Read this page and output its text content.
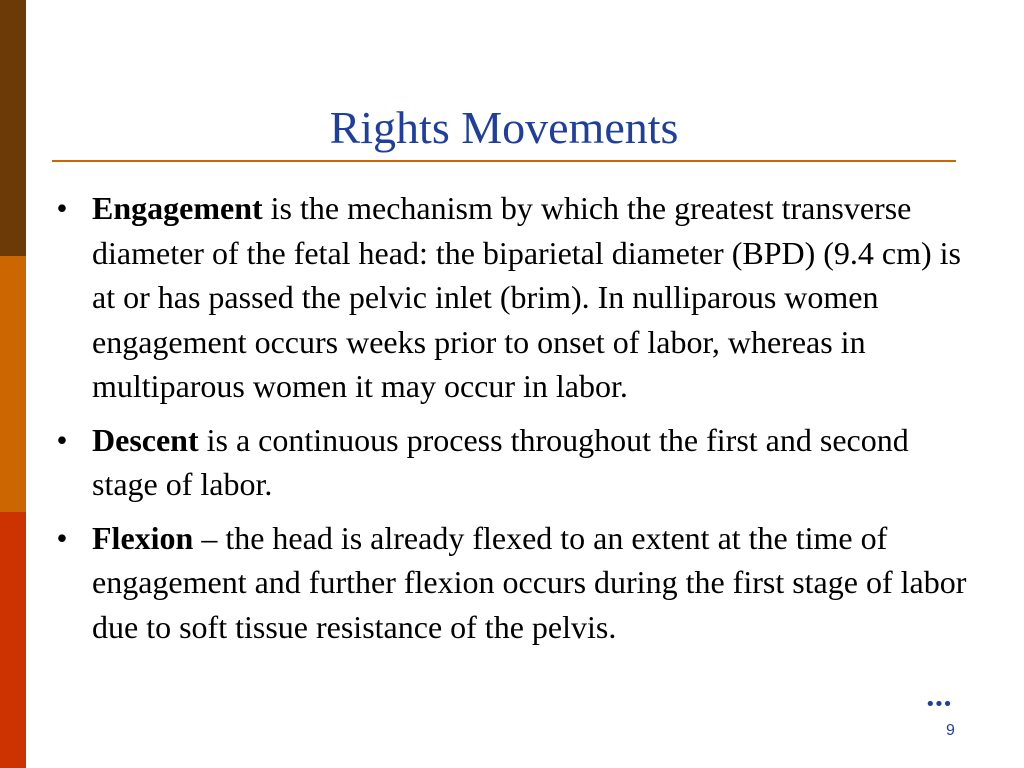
Rights Movements
• Engagement is the mechanism by which the greatest transverse diameter of the fetal head: the biparietal diameter (BPD) (9.4 cm) is at or has passed the pelvic inlet (brim). In nulliparous women engagement occurs weeks prior to onset of labor, whereas in multiparous women it may occur in labor.
• Descent is a continuous process throughout the first and second stage of labor.
• Flexion – the head is already flexed to an extent at the time of engagement and further flexion occurs during the first stage of labor due to soft tissue resistance of the pelvis.
•••
9
